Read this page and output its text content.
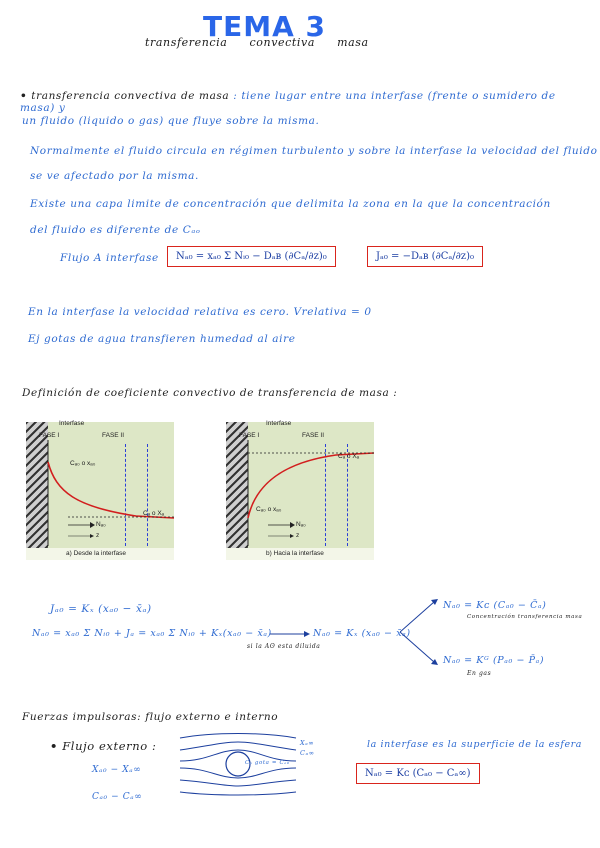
TEMA 3
transferencia convectiva masa
• transferencia convectiva de masa : tiene lugar entre una interfase (frente o sumidero de masa) y
un fluido (liquido o gas) que fluye sobre la misma.
Normalmente el fluido circula en régimen turbulento y sobre la interfase la velocidad del fluido
se ve afectado por la misma.
Existe una capa limite de concentración que delimita la zona en la que la concentración
del fluido es diferente de Cₐₒ
Flujo A interfase	Nₐ₀ = xₐ₀ Σ Nᵢ₀ − Dₐʙ (∂Cₐ/∂z)₀	Jₐ₀ = −Dₐʙ (∂Cₐ/∂z)₀
En la interfase la velocidad relativa es cero. Vrelativa = 0
Ej gotas de agua transfieren humedad al aire
Definición de coeficiente convectivo de transferencia de masa :
Interfase
FASE I	FASE II
Cₐ₀ o xₐ₀
Cₐ o Xₐ
Nₐ₀
z
a) Desde la interfase
Interfase
FASE I	FASE II
Cₐ o Xₐ
Cₐ₀ o xₐ₀
Nₐ₀
z
b) Hacia la interfase
Jₐ₀ = Kₓ (xₐ₀ − x̄ₐ)
Nₐ₀ = xₐ₀ Σ Nᵢ₀ + Jₐ = xₐ₀ Σ Nᵢ₀ + Kₓ(xₐ₀ − x̄ₐ)
si la Aʘ esta diluida
Nₐ₀ = Kₓ (xₐ₀ − x̄ₐ)
Nₐ₀ = Kᴄ (Cₐ₀ − C̄ₐ)
Concentración transferencia masa
Nₐ₀ = Kᴳ (Pₐ₀ − P̄ₐ)
En gas
Fuerzas impulsoras: flujo externo e interno
• Flujo externo :
Xₐ₀ − Xₐ∞
Cₐ₀ − Cₐ∞
Cₐ gota = Cₐ₀
Xₐ∞
Cₐ∞
la interfase es la superficie de la esfera
Nₐ₀ = Kᴄ (Cₐ₀ − Cₐ∞)
